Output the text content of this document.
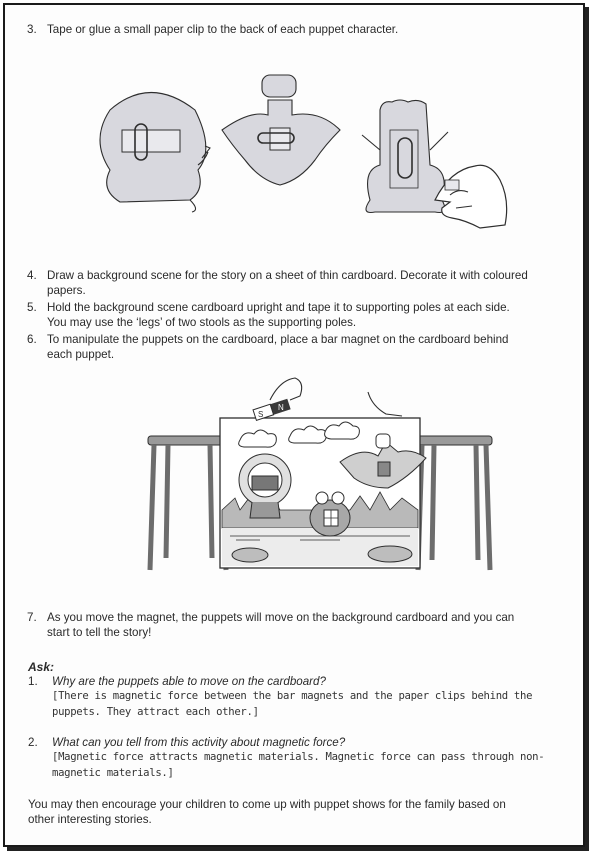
3. Tape or glue a small paper clip to the back of each puppet character.
4. Draw a background scene for the story on a sheet of thin cardboard. Decorate it with coloured
papers.
5. Hold the background scene cardboard upright and tape it to supporting poles at each side.
You may use the ‘legs’ of two stools as the supporting poles.
6. To manipulate the puppets on the cardboard, place a bar magnet on the cardboard behind
each puppet.
S
N
7. As you move the magnet, the puppets will move on the background cardboard and you can
start to tell the story!
Ask:
1. Why are the puppets able to move on the cardboard?
[There is magnetic force between the bar magnets and the paper clips behind the
puppets. They attract each other.]
2. What can you tell from this activity about magnetic force?
[Magnetic force attracts magnetic materials. Magnetic force can pass through non-
magnetic materials.]
You may then encourage your children to come up with puppet shows for the family based on
other interesting stories.
